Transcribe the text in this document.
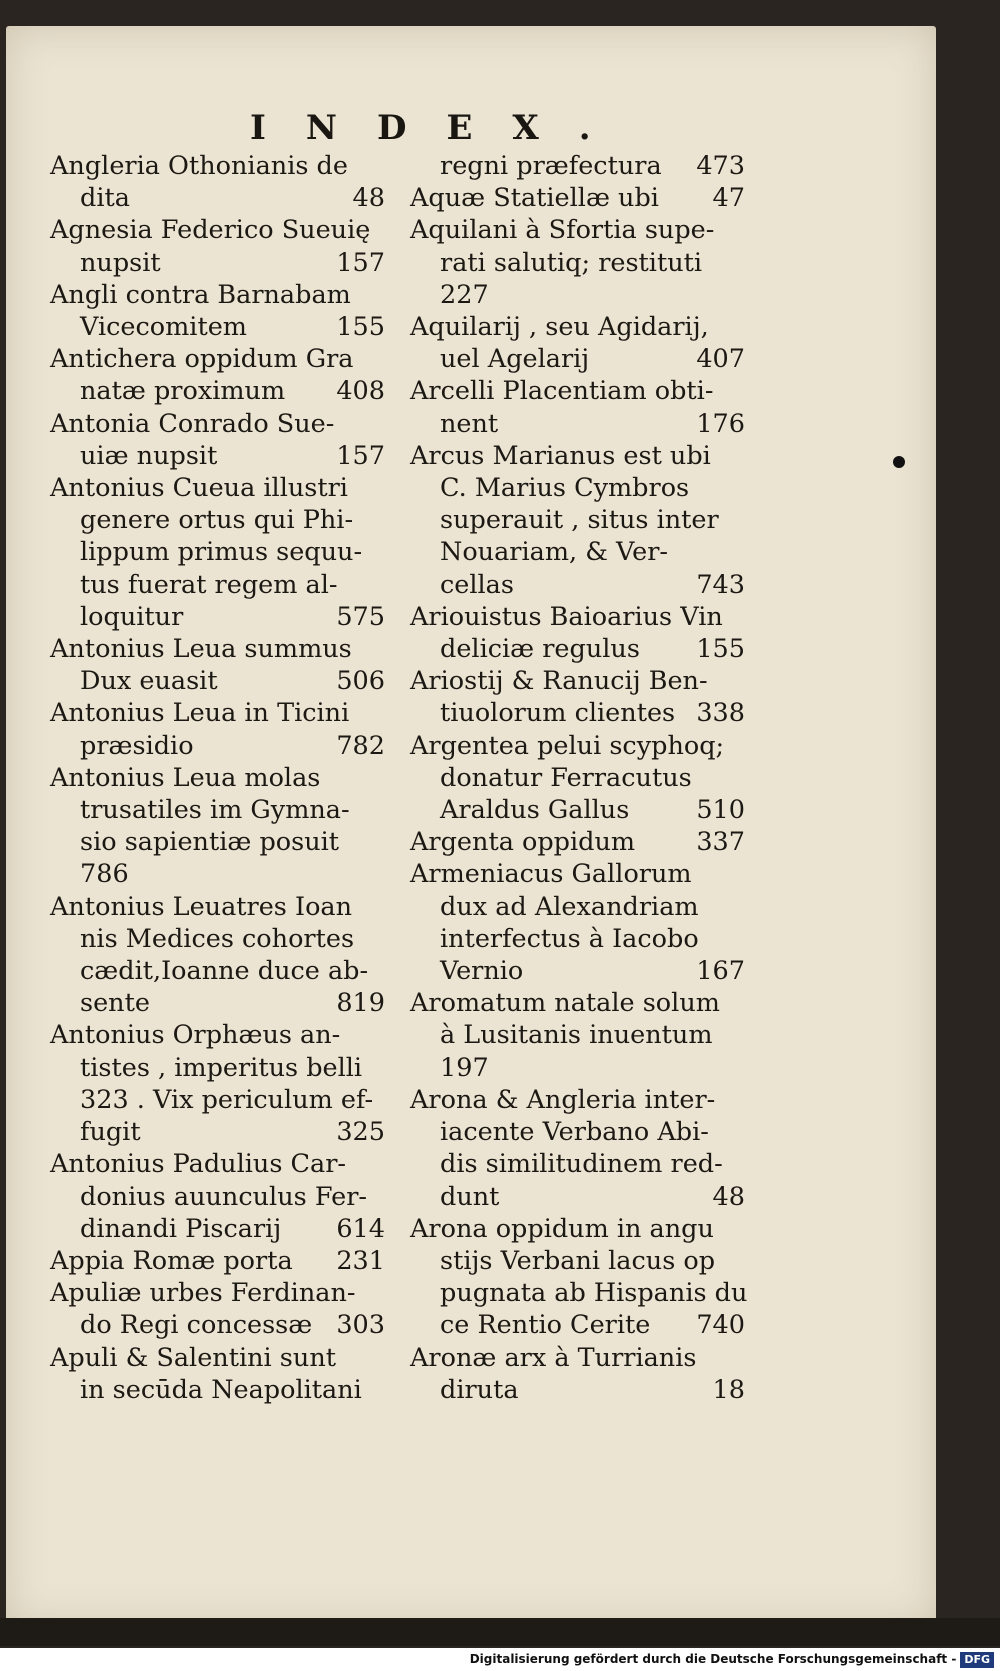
INDEX.
Angleria Othonianis de
dita	48
Agnesia Federico Sueuię
nupsit	157
Angli contra Barnabam
Vicecomitem	155
Antichera oppidum Gra
natæ proximum 408
Antonia Conrado Sue-
uiæ nupsit	157
Antonius Cueua illustri
genere ortus qui Phi-
lippum primus sequu-
tus fuerat regem al-
loquitur	575
Antonius Leua summus
Dux euasit	506
Antonius Leua in Ticini
præsidio	782
Antonius Leua molas
trusatiles im Gymna-
sio sapientiæ posuit
786
Antonius Leuatres Ioan
nis Medices cohortes
cædit,Ioanne duce ab-
sente	819
Antonius Orphæus an-
tistes , imperitus belli
323 . Vix periculum ef-
fugit	325
Antonius Padulius Car-
donius auunculus Fer-
dinandi Piscarij 614
Appia Romæ porta 231
Apuliæ urbes Ferdinan-
do Regi concessæ 303
Apuli & Salentini sunt
in secūda Neapolitani
regni præfectura 473
Aquæ Statiellæ ubi 47
Aquilani à Sfortia supe-
rati salutiq; restituti
227
Aquilarij , seu Agidarij,
uel Agelarij	407
Arcelli Placentiam obti-
nent	176
Arcus Marianus est ubi
C. Marius Cymbros
superauit , situs inter
Nouariam, & Ver-
cellas	743
Ariouistus Baioarius Vin
deliciæ regulus 155
Ariostij & Ranucij Ben-
tiuolorum clientes 338
Argentea pelui scyphoq;
donatur Ferracutus
Araldus Gallus	510
Argenta oppidum 337
Armeniacus Gallorum
dux ad Alexandriam
interfectus à Iacobo
Vernio	167
Aromatum natale solum
à Lusitanis inuentum
197
Arona & Angleria inter-
iacente Verbano Abi-
dis similitudinem red-
dunt	48
Arona oppidum in angu
stijs Verbani lacus op
pugnata ab Hispanis du
ce Rentio Cerite 740
Aronæ arx à Turrianis
diruta	18
Digitalisierung gefördert durch die Deutsche Forschungsgemeinschaft - DFG
